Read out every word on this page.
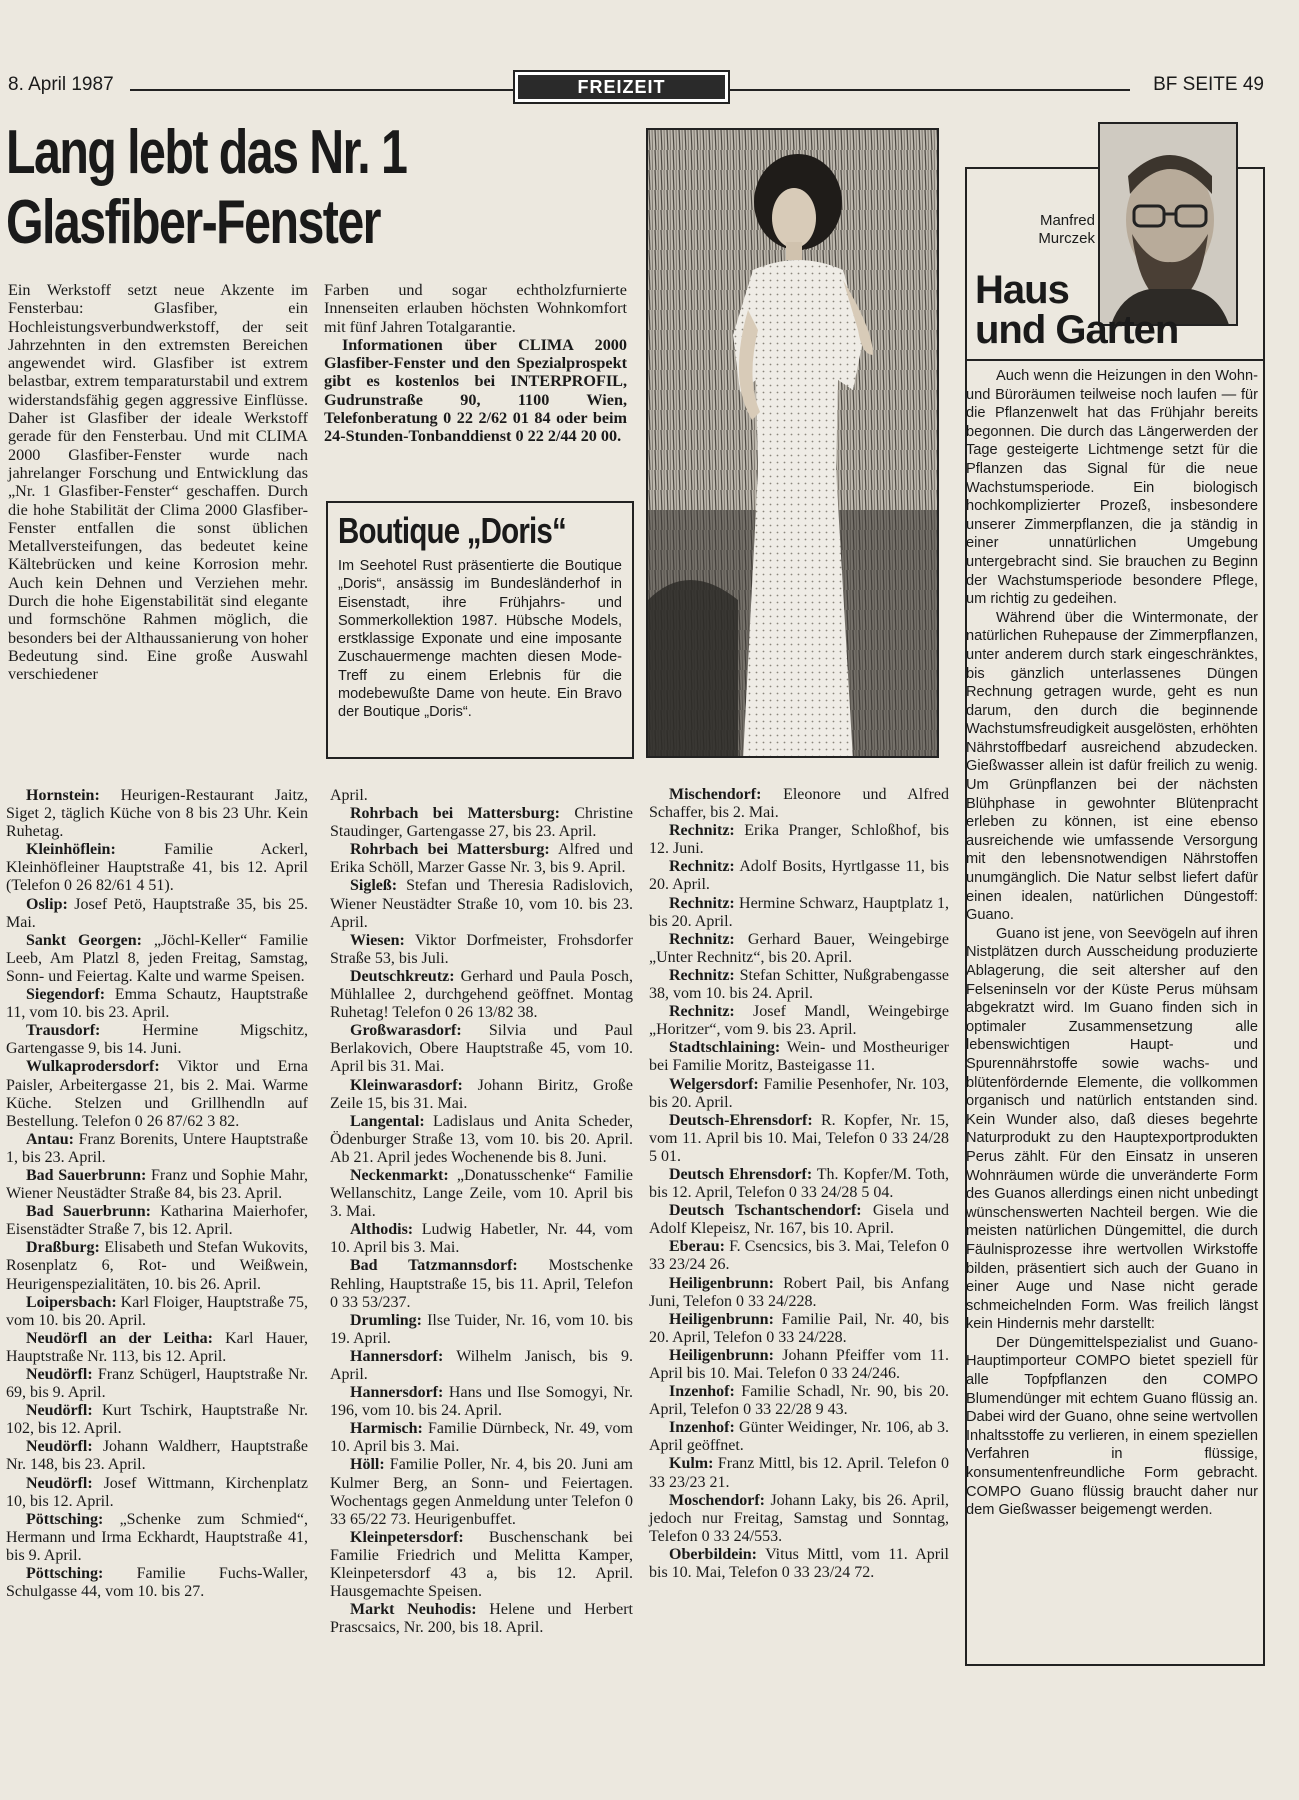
8. April 1987	FREIZEIT	BF SEITE 49
Lang lebt das Nr. 1
Glasfiber-Fenster
Ein Werkstoff setzt neue Akzente im Fensterbau: Glasfiber, ein Hochleistungsverbundwerkstoff, der seit Jahrzehnten in den extremsten Bereichen angewendet wird. Glasfiber ist extrem belastbar, extrem temparaturstabil und extrem widerstandsfähig gegen aggressive Einflüsse. Daher ist Glasfiber der ideale Werkstoff gerade für den Fensterbau. Und mit CLIMA 2000 Glasfiber-Fenster wurde nach jahrelanger Forschung und Entwicklung das „Nr. 1 Glasfiber-Fenster“ geschaffen. Durch die hohe Stabilität der Clima 2000 Glasfiber-Fenster entfallen die sonst üblichen Metallversteifungen, das bedeutet keine Kältebrücken und keine Korrosion mehr. Auch kein Dehnen und Verziehen mehr. Durch die hohe Eigenstabilität sind elegante und formschöne Rahmen möglich, die besonders bei der Althaussanierung von hoher Bedeutung sind. Eine große Auswahl verschiedener
Farben und sogar echtholzfurnierte Innenseiten erlauben höchsten Wohnkomfort mit fünf Jahren Totalgarantie.
Informationen über CLIMA 2000 Glasfiber-Fenster und den Spezialprospekt gibt es kostenlos bei INTERPROFIL, Gudrunstraße 90, 1100 Wien, Telefonberatung 0 22 2/62 01 84 oder beim 24-Stunden-Tonbanddienst 0 22 2/44 20 00.
Boutique „Doris“
Im Seehotel Rust präsentierte die Boutique „Doris“, ansässig im Bundesländerhof in Eisenstadt, ihre Frühjahrs- und Sommerkollektion 1987. Hübsche Models, erstklassige Exponate und eine imposante Zuschauermenge machten diesen Mode-Treff zu einem Erlebnis für die modebewußte Dame von heute. Ein Bravo der Boutique „Doris“.
Manfred
Murczek
Haus
und Garten

Auch wenn die Heizungen in den Wohn- und Büroräumen teilweise noch laufen — für die Pflanzenwelt hat das Frühjahr bereits begonnen. Die durch das Längerwerden der Tage gesteigerte Lichtmenge setzt für die Pflanzen das Signal für die neue Wachstumsperiode. Ein biologisch hochkomplizierter Prozeß, insbesondere unserer Zimmerpflanzen, die ja ständig in einer unnatürlichen Umgebung untergebracht sind. Sie brauchen zu Beginn der Wachstumsperiode besondere Pflege, um richtig zu gedeihen.

Während über die Wintermonate, der natürlichen Ruhepause der Zimmerpflanzen, unter anderem durch stark eingeschränktes, bis gänzlich unterlassenes Düngen Rechnung getragen wurde, geht es nun darum, den durch die beginnende Wachstumsfreudigkeit ausgelösten, erhöhten Nährstoffbedarf ausreichend abzudecken. Gießwasser allein ist dafür freilich zu wenig. Um Grünpflanzen bei der nächsten Blühphase in gewohnter Blütenpracht erleben zu können, ist eine ebenso ausreichende wie umfassende Versorgung mit den lebensnotwendigen Nährstoffen unumgänglich. Die Natur selbst liefert dafür einen idealen, natürlichen Düngestoff: Guano.

Guano ist jene, von Seevögeln auf ihren Nistplätzen durch Ausscheidung produzierte Ablagerung, die seit altersher auf den Felseninseln vor der Küste Perus mühsam abgekratzt wird. Im Guano finden sich in optimaler Zusammensetzung alle lebenswichtigen Haupt- und Spurennährstoffe sowie wachs- und blütenfördernde Elemente, die vollkommen organisch und natürlich entstanden sind. Kein Wunder also, daß dieses begehrte Naturprodukt zu den Hauptexportprodukten Perus zählt. Für den Einsatz in unseren Wohnräumen würde die unveränderte Form des Guanos allerdings einen nicht unbedingt wünschenswerten Nachteil bergen. Wie die meisten natürlichen Düngemittel, die durch Fäulnisprozesse ihre wertvollen Wirkstoffe bilden, präsentiert sich auch der Guano in einer Auge und Nase nicht gerade schmeichelnden Form. Was freilich längst kein Hindernis mehr darstellt:

Der Düngemittelspezialist und Guano-Hauptimporteur COMPO bietet speziell für alle Topfpflanzen den COMPO Blumendünger mit echtem Guano flüssig an. Dabei wird der Guano, ohne seine wertvollen Inhaltsstoffe zu verlieren, in einem speziellen Verfahren in flüssige, konsumentenfreundliche Form gebracht. COMPO Guano flüssig braucht daher nur dem Gießwasser beigemengt werden.

Hornstein: Heurigen-Restaurant Jaitz, Siget 2, täglich Küche von 8 bis 23 Uhr. Kein Ruhetag.
Kleinhöflein: Familie Ackerl, Kleinhöfleiner Hauptstraße 41, bis 12. April (Telefon 0 26 82/61 4 51).
Oslip: Josef Petö, Hauptstraße 35, bis 25. Mai.
Sankt Georgen: „Jöchl-Keller“ Familie Leeb, Am Platzl 8, jeden Freitag, Samstag, Sonn- und Feiertag. Kalte und warme Speisen.
Siegendorf: Emma Schautz, Hauptstraße 11, vom 10. bis 23. April.
Trausdorf: Hermine Migschitz, Gartengasse 9, bis 14. Juni.
Wulkaprodersdorf: Viktor und Erna Paisler, Arbeitergasse 21, bis 2. Mai. Warme Küche. Stelzen und Grillhendln auf Bestellung. Telefon 0 26 87/62 3 82.
Antau: Franz Borenits, Untere Hauptstraße 1, bis 23. April.
Bad Sauerbrunn: Franz und Sophie Mahr, Wiener Neustädter Straße 84, bis 23. April.
Bad Sauerbrunn: Katharina Maierhofer, Eisenstädter Straße 7, bis 12. April.
Draßburg: Elisabeth und Stefan Wukovits, Rosenplatz 6, Rot- und Weißwein, Heurigenspezialitäten, 10. bis 26. April.
Loipersbach: Karl Floiger, Hauptstraße 75, vom 10. bis 20. April.
Neudörfl an der Leitha: Karl Hauer, Hauptstraße Nr. 113, bis 12. April.
Neudörfl: Franz Schügerl, Hauptstraße Nr. 69, bis 9. April.
Neudörfl: Kurt Tschirk, Hauptstraße Nr. 102, bis 12. April.
Neudörfl: Johann Waldherr, Hauptstraße Nr. 148, bis 23. April.
Neudörfl: Josef Wittmann, Kirchenplatz 10, bis 12. April.
Pöttsching: „Schenke zum Schmied“, Hermann und Irma Eckhardt, Hauptstraße 41, bis 9. April.
Pöttsching: Familie Fuchs-Waller, Schulgasse 44, vom 10. bis 27.
April.
Rohrbach bei Mattersburg: Christine Staudinger, Gartengasse 27, bis 23. April.
Rohrbach bei Mattersburg: Alfred und Erika Schöll, Marzer Gasse Nr. 3, bis 9. April.
Sigleß: Stefan und Theresia Radislovich, Wiener Neustädter Straße 10, vom 10. bis 23. April.
Wiesen: Viktor Dorfmeister, Frohsdorfer Straße 53, bis Juli.
Deutschkreutz: Gerhard und Paula Posch, Mühlallee 2, durchgehend geöffnet. Montag Ruhetag! Telefon 0 26 13/82 38.
Großwarasdorf: Silvia und Paul Berlakovich, Obere Hauptstraße 45, vom 10. April bis 31. Mai.
Kleinwarasdorf: Johann Biritz, Große Zeile 15, bis 31. Mai.
Langental: Ladislaus und Anita Scheder, Ödenburger Straße 13, vom 10. bis 20. April. Ab 21. April jedes Wochenende bis 8. Juni.
Neckenmarkt: „Donatusschenke“ Familie Wellanschitz, Lange Zeile, vom 10. April bis 3. Mai.
Althodis: Ludwig Habetler, Nr. 44, vom 10. April bis 3. Mai.
Bad Tatzmannsdorf: Mostschenke Rehling, Hauptstraße 15, bis 11. April, Telefon 0 33 53/237.
Drumling: Ilse Tuider, Nr. 16, vom 10. bis 19. April.
Hannersdorf: Wilhelm Janisch, bis 9. April.
Hannersdorf: Hans und Ilse Somogyi, Nr. 196, vom 10. bis 24. April.
Harmisch: Familie Dürnbeck, Nr. 49, vom 10. April bis 3. Mai.
Höll: Familie Poller, Nr. 4, bis 20. Juni am Kulmer Berg, an Sonn- und Feiertagen. Wochentags gegen Anmeldung unter Telefon 0 33 65/22 73. Heurigenbuffet.
Kleinpetersdorf: Buschenschank bei Familie Friedrich und Melitta Kamper, Kleinpetersdorf 43 a, bis 12. April. Hausgemachte Speisen.
Markt Neuhodis: Helene und Herbert Prascsaics, Nr. 200, bis 18. April.
Mischendorf: Eleonore und Alfred Schaffer, bis 2. Mai.
Rechnitz: Erika Pranger, Schloßhof, bis 12. Juni.
Rechnitz: Adolf Bosits, Hyrtlgasse 11, bis 20. April.
Rechnitz: Hermine Schwarz, Hauptplatz 1, bis 20. April.
Rechnitz: Gerhard Bauer, Weingebirge „Unter Rechnitz“, bis 20. April.
Rechnitz: Stefan Schitter, Nußgrabengasse 38, vom 10. bis 24. April.
Rechnitz: Josef Mandl, Weingebirge „Horitzer“, vom 9. bis 23. April.
Stadtschlaining: Wein- und Mostheuriger bei Familie Moritz, Basteigasse 11.
Welgersdorf: Familie Pesenhofer, Nr. 103, bis 20. April.
Deutsch-Ehrensdorf: R. Kopfer, Nr. 15, vom 11. April bis 10. Mai, Telefon 0 33 24/28 5 01.
Deutsch Ehrensdorf: Th. Kopfer/M. Toth, bis 12. April, Telefon 0 33 24/28 5 04.
Deutsch Tschantschendorf: Gisela und Adolf Klepeisz, Nr. 167, bis 10. April.
Eberau: F. Csencsics, bis 3. Mai, Telefon 0 33 23/24 26.
Heiligenbrunn: Robert Pail, bis Anfang Juni, Telefon 0 33 24/228.
Heiligenbrunn: Familie Pail, Nr. 40, bis 20. April, Telefon 0 33 24/228.
Heiligenbrunn: Johann Pfeiffer vom 11. April bis 10. Mai. Telefon 0 33 24/246.
Inzenhof: Familie Schadl, Nr. 90, bis 20. April, Telefon 0 33 22/28 9 43.
Inzenhof: Günter Weidinger, Nr. 106, ab 3. April geöffnet.
Kulm: Franz Mittl, bis 12. April. Telefon 0 33 23/23 21.
Moschendorf: Johann Laky, bis 26. April, jedoch nur Freitag, Samstag und Sonntag, Telefon 0 33 24/553.
Oberbildein: Vitus Mittl, vom 11. April bis 10. Mai, Telefon 0 33 23/24 72.
